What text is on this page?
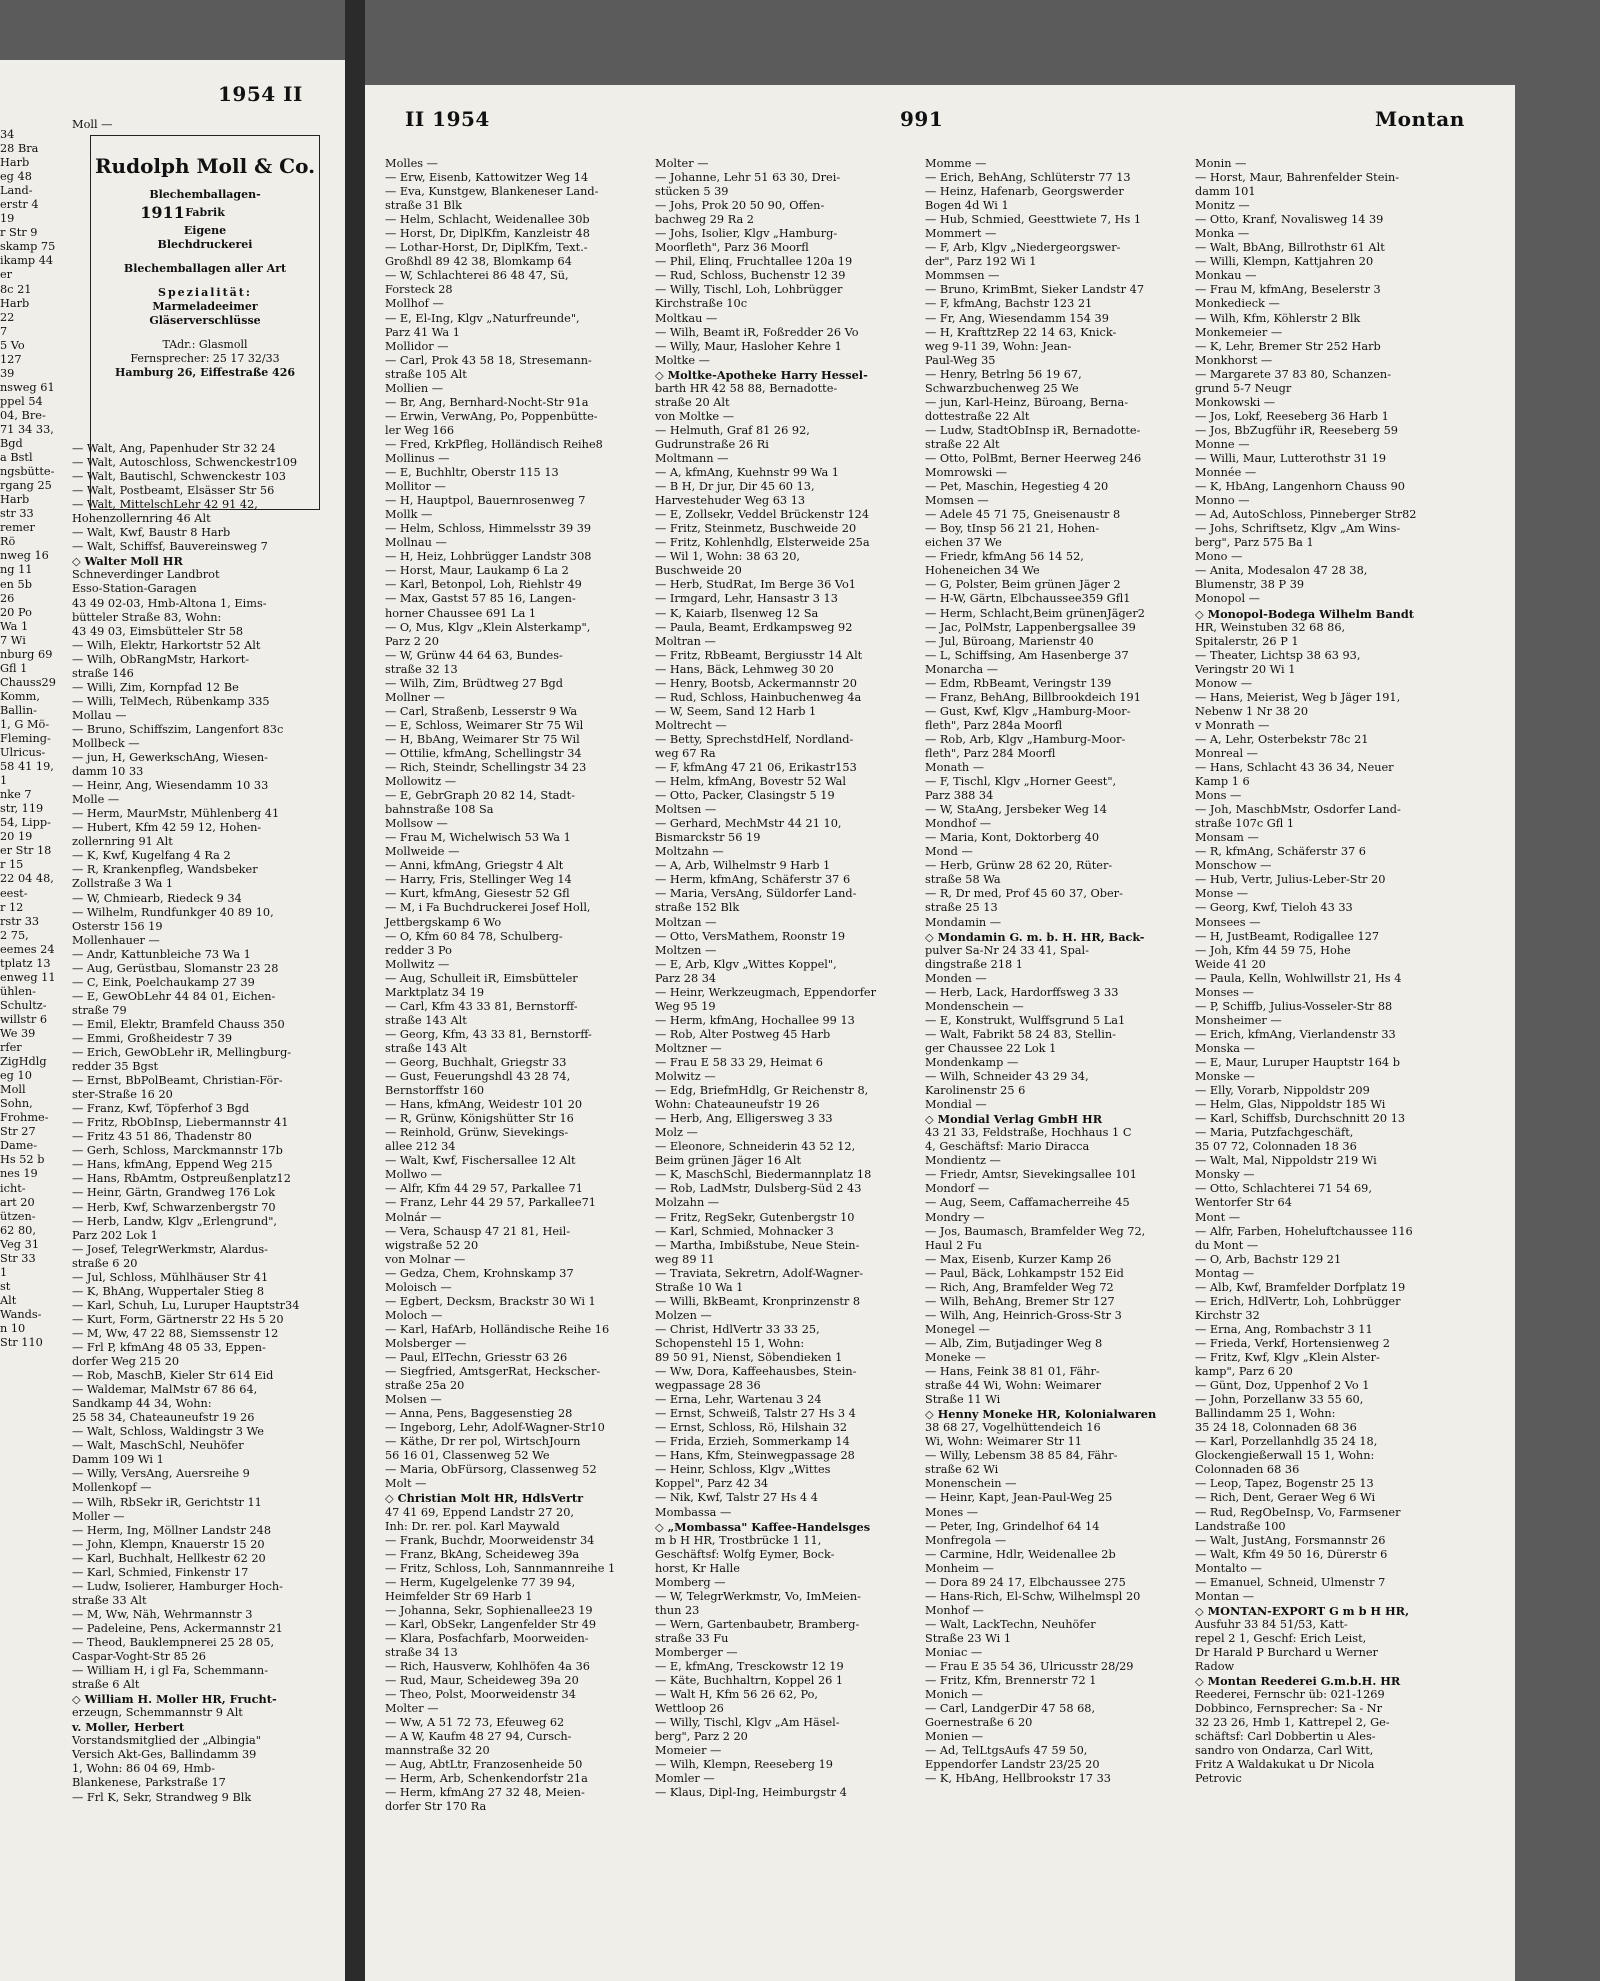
1954 II
34
28 Bra
Harb
eg 48
Land-
erstr 4
19
r Str 9
skamp 75
ikamp 44
er
8c 21
Harb
22
7
5 Vo
127
39
nsweg 61
ppel 54
04, Bre-
71 34 33,
Bgd
a Bstl
ngsbütte-
rgang 25
Harb
str 33
remer
Rö
nweg 16
ng 11
en 5b
26
20 Po
Wa 1
7 Wi
nburg 69
Gfl 1
Chauss29
Komm,
Ballin-
1, G Mö-
Fleming-
Ulricus-
58 41 19,
1
nke 7
str, 119
54, Lipp-
20 19
er Str 18
r 15
22 04 48,
eest-
r 12
rstr 33
2 75,
eemes 24
tplatz 13
enweg 11
ühlen-
Schultz-
willstr 6
We 39
rfer
ZigHdlg
eg 10
Moll
Sohn,
Frohme-
Str 27
Dame-
Hs 52 b
nes 19
icht-
art 20
ützen-
62 80,
Veg 31
Str 33
1
st
Alt
Wands-
n 10
Str 110
Moll —
Rudolph Moll & Co.
Blechemballagen-
1911 Fabrik
Eigene
Blechdruckerei
Blechemballagen aller Art
Spezialität:
Marmeladeeimer
Gläserverschlüsse
TAdr.: Glasmoll
Fernsprecher: 25 17 32/33
Hamburg 26, Eiffestraße 426
— Walt, Ang, Papenhuder Str 32 24
— Walt, Autoschloss, Schwenckestr109
— Walt, Bautischl, Schwenckestr 103
— Walt, Postbeamt, Elsässer Str 56
— Walt, MittelschLehr 42 91 42,
Hohenzollernring 46 Alt
— Walt, Kwf, Baustr 8 Harb
— Walt, Schiffsf, Bauvereinsweg 7
◇ Walter Moll HR
Schneverdinger Landbrot
Esso-Station-Garagen
43 49 02-03, Hmb-Altona 1, Eims-
bütteler Straße 83, Wohn:
43 49 03, Eimsbütteler Str 58
— Wilh, Elektr, Harkortstr 52 Alt
— Wilh, ObRangMstr, Harkort-
straße 146
— Willi, Zim, Kornpfad 12 Be
— Willi, TelMech, Rübenkamp 335
Mollau —
— Bruno, Schiffszim, Langenfort 83c
Mollbeck —
— jun, H, GewerkschAng, Wiesen-
damm 10 33
— Heinr, Ang, Wiesendamm 10 33
Molle —
— Herm, MaurMstr, Mühlenberg 41
— Hubert, Kfm 42 59 12, Hohen-
zollernring 91 Alt
— K, Kwf, Kugelfang 4 Ra 2
— R, Krankenpfleg, Wandsbeker
Zollstraße 3 Wa 1
— W, Chmiearb, Riedeck 9 34
— Wilhelm, Rundfunkger 40 89 10,
Osterstr 156 19
Mollenhauer —
— Andr, Kattunbleiche 73 Wa 1
— Aug, Gerüstbau, Slomanstr 23 28
— C, Eink, Poelchaukamp 27 39
— E, GewObLehr 44 84 01, Eichen-
straße 79
— Emil, Elektr, Bramfeld Chauss 350
— Emmi, Großheidestr 7 39
— Erich, GewObLehr iR, Mellingburg-
redder 35 Bgst
— Ernst, BbPolBeamt, Christian-För-
ster-Straße 16 20
— Franz, Kwf, Töpferhof 3 Bgd
— Fritz, RbObInsp, Liebermannstr 41
— Fritz 43 51 86, Thadenstr 80
— Gerh, Schloss, Marckmannstr 17b
— Hans, kfmAng, Eppend Weg 215
— Hans, RbAmtm, Ostpreußenplatz12
— Heinr, Gärtn, Grandweg 176 Lok
— Herb, Kwf, Schwarzenbergstr 70
— Herb, Landw, Klgv „Erlengrund",
Parz 202 Lok 1
— Josef, TelegrWerkmstr, Alardus-
straße 6 20
— Jul, Schloss, Mühlhäuser Str 41
— K, BhAng, Wuppertaler Stieg 8
— Karl, Schuh, Lu, Luruper Hauptstr34
— Kurt, Form, Gärtnerstr 22 Hs 5 20
— M, Ww, 47 22 88, Siemssenstr 12
— Frl P, kfmAng 48 05 33, Eppen-
dorfer Weg 215 20
— Rob, MaschB, Kieler Str 614 Eid
— Waldemar, MalMstr 67 86 64,
Sandkamp 44 34, Wohn:
25 58 34, Chateauneufstr 19 26
— Walt, Schloss, Waldingstr 3 We
— Walt, MaschSchl, Neuhöfer
Damm 109 Wi 1
— Willy, VersAng, Auersreihe 9
Mollenkopf —
— Wilh, RbSekr iR, Gerichtstr 11
Moller —
— Herm, Ing, Möllner Landstr 248
— John, Klempn, Knauerstr 15 20
— Karl, Buchhalt, Hellkestr 62 20
— Karl, Schmied, Finkenstr 17
— Ludw, Isolierer, Hamburger Hoch-
straße 33 Alt
— M, Ww, Näh, Wehrmannstr 3
— Padeleine, Pens, Ackermannstr 21
— Theod, Bauklempnerei 25 28 05,
Caspar-Voght-Str 85 26
— William H, i gl Fa, Schemmann-
straße 6 Alt
◇ William H. Moller HR, Frucht-
erzeugn, Schemmannstr 9 Alt
v. Moller, Herbert
Vorstandsmitglied der „Albingia"
Versich Akt-Ges, Ballindamm 39
1, Wohn: 86 04 69, Hmb-
Blankenese, Parkstraße 17
— Frl K, Sekr, Strandweg 9 Blk
II 1954	991	Montan
Molles —
— Erw, Eisenb, Kattowitzer Weg 14
— Eva, Kunstgew, Blankeneser Land-
straße 31 Blk
— Helm, Schlacht, Weidenallee 30b
— Horst, Dr, DiplKfm, Kanzleistr 48
— Lothar-Horst, Dr, DiplKfm, Text.-
Großhdl 89 42 38, Blomkamp 64
— W, Schlachterei 86 48 47, Sü,
Forsteck 28
Mollhof —
— E, El-Ing, Klgv „Naturfreunde",
Parz 41 Wa 1
Mollidor —
— Carl, Prok 43 58 18, Stresemann-
straße 105 Alt
Mollien —
— Br, Ang, Bernhard-Nocht-Str 91a
— Erwin, VerwAng, Po, Poppenbütte-
ler Weg 166
— Fred, KrkPfleg, Holländisch Reihe8
Mollinus —
— E, Buchhltr, Oberstr 115 13
Mollitor —
— H, Hauptpol, Bauernrosenweg 7
Mollk —
— Helm, Schloss, Himmelsstr 39 39
Mollnau —
— H, Heiz, Lohbrügger Landstr 308
— Horst, Maur, Laukamp 6 La 2
— Karl, Betonpol, Loh, Riehlstr 49
— Max, Gastst 57 85 16, Langen-
horner Chaussee 691 La 1
— O, Mus, Klgv „Klein Alsterkamp",
Parz 2 20
— W, Grünw 44 64 63, Bundes-
straße 32 13
— Wilh, Zim, Brüdtweg 27 Bgd
Mollner —
— Carl, Straßenb, Lesserstr 9 Wa
— E, Schloss, Weimarer Str 75 Wil
— H, BbAng, Weimarer Str 75 Wil
— Ottilie, kfmAng, Schellingstr 34
— Rich, Steindr, Schellingstr 34 23
Mollowitz —
— E, GebrGraph 20 82 14, Stadt-
bahnstraße 108 Sa
Mollsow —
— Frau M, Wichelwisch 53 Wa 1
Mollweide —
— Anni, kfmAng, Griegstr 4 Alt
— Harry, Fris, Stellinger Weg 14
— Kurt, kfmAng, Giesestr 52 Gfl
— M, i Fa Buchdruckerei Josef Holl,
Jettbergskamp 6 Wo
— O, Kfm 60 84 78, Schulberg-
redder 3 Po
Mollwitz —
— Aug, Schulleit iR, Eimsbütteler
Marktplatz 34 19
— Carl, Kfm 43 33 81, Bernstorff-
straße 143 Alt
— Georg, Kfm, 43 33 81, Bernstorff-
straße 143 Alt
— Georg, Buchhalt, Griegstr 33
— Gust, Feuerungshdl 43 28 74,
Bernstorffstr 160
— Hans, kfmAng, Weidestr 101 20
— R, Grünw, Königshütter Str 16
— Reinhold, Grünw, Sievekings-
allee 212 34
— Walt, Kwf, Fischersallee 12 Alt
Mollwo —
— Alfr, Kfm 44 29 57, Parkallee 71
— Franz, Lehr 44 29 57, Parkallee71
Molnár —
— Vera, Schausp 47 21 81, Heil-
wigstraße 52 20
von Molnar —
— Gedza, Chem, Krohnskamp 37
Moloisch —
— Egbert, Decksm, Brackstr 30 Wi 1
Moloch —
— Karl, HafArb, Holländische Reihe 16
Molsberger —
— Paul, ElTechn, Griesstr 63 26
— Siegfried, AmtsgerRat, Heckscher-
straße 25a 20
Molsen —
— Anna, Pens, Baggesenstieg 28
— Ingeborg, Lehr, Adolf-Wagner-Str10
— Käthe, Dr rer pol, WirtschJourn
56 16 01, Classenweg 52 We
— Maria, ObFürsorg, Classenweg 52
Molt —
◇ Christian Molt HR, HdlsVertr
47 41 69, Eppend Landstr 27 20,
Inh: Dr. rer. pol. Karl Maywald
— Frank, Buchdr, Moorweidenstr 34
— Franz, BkAng, Scheideweg 39a
— Fritz, Schloss, Loh, Sannmannreihe 1
— Herm, Kugelgelenke 77 39 94,
Heimfelder Str 69 Harb 1
— Johanna, Sekr, Sophienallee23 19
— Karl, ObSekr, Langenfelder Str 49
— Klara, Posfachfarb, Moorweiden-
straße 34 13
— Rich, Hausverw, Kohlhöfen 4a 36
— Rud, Maur, Scheideweg 39a 20
— Theo, Polst, Moorweidenstr 34
Molter —
— Ww, A 51 72 73, Efeuweg 62
— A W, Kaufm 48 27 94, Cursch-
mannstraße 32 20
— Aug, AbtLtr, Franzosenheide 50
— Herm, Arb, Schenkendorfstr 21a
— Herm, kfmAng 27 32 48, Meien-
dorfer Str 170 Ra
Molter —
— Johanne, Lehr 51 63 30, Drei-
stücken 5 39
— Johs, Prok 20 50 90, Offen-
bachweg 29 Ra 2
— Johs, Isolier, Klgv „Hamburg-
Moorfleth", Parz 36 Moorfl
— Phil, Elinq, Fruchtallee 120a 19
— Rud, Schloss, Buchenstr 12 39
— Willy, Tischl, Loh, Lohbrügger
Kirchstraße 10c
Moltkau —
— Wilh, Beamt iR, Foßredder 26 Vo
— Willy, Maur, Hasloher Kehre 1
Moltke —
◇ Moltke-Apotheke Harry Hessel-
barth HR 42 58 88, Bernadotte-
straße 20 Alt
von Moltke —
— Helmuth, Graf 81 26 92,
Gudrunstraße 26 Ri
Moltmann —
— A, kfmAng, Kuehnstr 99 Wa 1
— B H, Dr jur, Dir 45 60 13,
Harvestehuder Weg 63 13
— E, Zollsekr, Veddel Brückenstr 124
— Fritz, Steinmetz, Buschweide 20
— Fritz, Kohlenhdlg, Elsterweide 25a
— Wil 1, Wohn: 38 63 20,
Buschweide 20
— Herb, StudRat, Im Berge 36 Vo1
— Irmgard, Lehr, Hansastr 3 13
— K, Kaiarb, Ilsenweg 12 Sa
— Paula, Beamt, Erdkampsweg 92
Moltran —
— Fritz, RbBeamt, Bergiusstr 14 Alt
— Hans, Bäck, Lehmweg 30 20
— Henry, Bootsb, Ackermannstr 20
— Rud, Schloss, Hainbuchenweg 4a
— W, Seem, Sand 12 Harb 1
Moltrecht —
— Betty, SprechstdHelf, Nordland-
weg 67 Ra
— F, kfmAng 47 21 06, Erikastr153
— Helm, kfmAng, Bovestr 52 Wal
— Otto, Packer, Clasingstr 5 19
Moltsen —
— Gerhard, MechMstr 44 21 10,
Bismarckstr 56 19
Moltzahn —
— A, Arb, Wilhelmstr 9 Harb 1
— Herm, kfmAng, Schäferstr 37 6
— Maria, VersAng, Süldorfer Land-
straße 152 Blk
Moltzan —
— Otto, VersMathem, Roonstr 19
Moltzen —
— E, Arb, Klgv „Wittes Koppel",
Parz 28 34
— Heinr, Werkzeugmach, Eppendorfer
Weg 95 19
— Herm, kfmAng, Hochallee 99 13
— Rob, Alter Postweg 45 Harb
Moltzner —
— Frau E 58 33 29, Heimat 6
Molwitz —
— Edg, BriefmHdlg, Gr Reichenstr 8,
Wohn: Chateauneufstr 19 26
— Herb, Ang, Elligersweg 3 33
Molz —
— Eleonore, Schneiderin 43 52 12,
Beim grünen Jäger 16 Alt
— K, MaschSchl, Biedermannplatz 18
— Rob, LadMstr, Dulsberg-Süd 2 43
Molzahn —
— Fritz, RegSekr, Gutenbergstr 10
— Karl, Schmied, Mohnacker 3
— Martha, Imbißstube, Neue Stein-
weg 89 11
— Traviata, Sekretrn, Adolf-Wagner-
Straße 10 Wa 1
— Willi, BkBeamt, Kronprinzenstr 8
Molzen —
— Christ, HdlVertr 33 33 25,
Schopenstehl 15 1, Wohn:
89 50 91, Nienst, Söbendieken 1
— Ww, Dora, Kaffeehausbes, Stein-
wegpassage 28 36
— Erna, Lehr, Wartenau 3 24
— Ernst, Schweiß, Talstr 27 Hs 3 4
— Ernst, Schloss, Rö, Hilshain 32
— Frida, Erzieh, Sommerkamp 14
— Hans, Kfm, Steinwegpassage 28
— Heinr, Schloss, Klgv „Wittes
Koppel", Parz 42 34
— Nik, Kwf, Talstr 27 Hs 4 4
Mombassa —
◇ „Mombassa" Kaffee-Handelsges
m b H HR, Trostbrücke 1 11,
Geschäftsf: Wolfg Eymer, Bock-
horst, Kr Halle
Momberg —
— W, TelegrWerkmstr, Vo, ImMeien-
thun 23
— Wern, Gartenbaubetr, Bramberg-
straße 33 Fu
Momberger —
— E, kfmAng, Tresckowstr 12 19
— Käte, Buchhaltrn, Koppel 26 1
— Walt H, Kfm 56 26 62, Po,
Wettloop 26
— Willy, Tischl, Klgv „Am Häsel-
berg", Parz 2 20
Momeier —
— Wilh, Klempn, Reeseberg 19
Momler —
— Klaus, Dipl-Ing, Heimburgstr 4
Momme —
— Erich, BehAng, Schlüterstr 77 13
— Heinz, Hafenarb, Georgswerder
Bogen 4d Wi 1
— Hub, Schmied, Geesttwiete 7, Hs 1
Mommert —
— F, Arb, Klgv „Niedergeorgswer-
der", Parz 192 Wi 1
Mommsen —
— Bruno, KrimBmt, Sieker Landstr 47
— F, kfmAng, Bachstr 123 21
— Fr, Ang, Wiesendamm 154 39
— H, KrafttzRep 22 14 63, Knick-
weg 9-11 39, Wohn: Jean-
Paul-Weg 35
— Henry, Betrlng 56 19 67,
Schwarzbuchenweg 25 We
— jun, Karl-Heinz, Büroang, Berna-
dottestraße 22 Alt
— Ludw, StadtObInsp iR, Bernadotte-
straße 22 Alt
— Otto, PolBmt, Berner Heerweg 246
Momrowski —
— Pet, Maschin, Hegestieg 4 20
Momsen —
— Adele 45 71 75, Gneisenaustr 8
— Boy, tInsp 56 21 21, Hohen-
eichen 37 We
— Friedr, kfmAng 56 14 52,
Hoheneichen 34 We
— G, Polster, Beim grünen Jäger 2
— H-W, Gärtn, Elbchaussee359 Gfl1
— Herm, Schlacht,Beim grünenJäger2
— Jac, PolMstr, Lappenbergsallee 39
— Jul, Büroang, Marienstr 40
— L, Schiffsing, Am Hasenberge 37
Monarcha —
— Edm, RbBeamt, Veringstr 139
— Franz, BehAng, Billbrookdeich 191
— Gust, Kwf, Klgv „Hamburg-Moor-
fleth", Parz 284a Moorfl
— Rob, Arb, Klgv „Hamburg-Moor-
fleth", Parz 284 Moorfl
Monath —
— F, Tischl, Klgv „Horner Geest",
Parz 388 34
— W, StaAng, Jersbeker Weg 14
Mondhof —
— Maria, Kont, Doktorberg 40
Mond —
— Herb, Grünw 28 62 20, Rüter-
straße 58 Wa
— R, Dr med, Prof 45 60 37, Ober-
straße 25 13
Mondamin —
◇ Mondamin G. m. b. H. HR, Back-
pulver Sa-Nr 24 33 41, Spal-
dingstraße 218 1
Monden —
— Herb, Lack, Hardorffsweg 3 33
Mondenschein —
— E, Konstrukt, Wulffsgrund 5 La1
— Walt, Fabrikt 58 24 83, Stellin-
ger Chaussee 22 Lok 1
Mondenkamp —
— Wilh, Schneider 43 29 34,
Karolinenstr 25 6
Mondial —
◇ Mondial Verlag GmbH HR
43 21 33, Feldstraße, Hochhaus 1 C
4, Geschäftsf: Mario Diracca
Mondientz —
— Friedr, Amtsr, Sievekingsallee 101
Mondorf —
— Aug, Seem, Caffamacherreihe 45
Mondry —
— Jos, Baumasch, Bramfelder Weg 72,
Haul 2 Fu
— Max, Eisenb, Kurzer Kamp 26
— Paul, Bäck, Lohkampstr 152 Eid
— Rich, Ang, Bramfelder Weg 72
— Wilh, BehAng, Bremer Str 127
— Wilh, Ang, Heinrich-Gross-Str 3
Monegel —
— Alb, Zim, Butjadinger Weg 8
Moneke —
— Hans, Feink 38 81 01, Fähr-
straße 44 Wi, Wohn: Weimarer
Straße 11 Wi
◇ Henny Moneke HR, Kolonialwaren
38 68 27, Vogelhüttendeich 16
Wi, Wohn: Weimarer Str 11
— Willy, Lebensm 38 85 84, Fähr-
straße 62 Wi
Monenschein —
— Heinr, Kapt, Jean-Paul-Weg 25
Mones —
— Peter, Ing, Grindelhof 64 14
Monfregola —
— Carmine, Hdlr, Weidenallee 2b
Monheim —
— Dora 89 24 17, Elbchaussee 275
— Hans-Rich, El-Schw, Wilhelmspl 20
Monhof —
— Walt, LackTechn, Neuhöfer
Straße 23 Wi 1
Moniac —
— Frau E 35 54 36, Ulricusstr 28/29
— Fritz, Kfm, Brennerstr 72 1
Monich —
— Carl, LandgerDir 47 58 68,
Goernestraße 6 20
Monien —
— Ad, TelLtgsAufs 47 59 50,
Eppendorfer Landstr 23/25 20
— K, HbAng, Hellbrookstr 17 33
Monin —
— Horst, Maur, Bahrenfelder Stein-
damm 101
Monitz —
— Otto, Kranf, Novalisweg 14 39
Monka —
— Walt, BbAng, Billrothstr 61 Alt
— Willi, Klempn, Kattjahren 20
Monkau —
— Frau M, kfmAng, Beselerstr 3
Monkedieck —
— Wilh, Kfm, Köhlerstr 2 Blk
Monkemeier —
— K, Lehr, Bremer Str 252 Harb
Monkhorst —
— Margarete 37 83 80, Schanzen-
grund 5-7 Neugr
Monkowski —
— Jos, Lokf, Reeseberg 36 Harb 1
— Jos, BbZugführ iR, Reeseberg 59
Monne —
— Willi, Maur, Lutterothstr 31 19
Monnée —
— K, HbAng, Langenhorn Chauss 90
Monno —
— Ad, AutoSchloss, Pinneberger Str82
— Johs, Schriftsetz, Klgv „Am Wins-
berg", Parz 575 Ba 1
Mono —
— Anita, Modesalon 47 28 38,
Blumenstr, 38 P 39
Monopol —
◇ Monopol-Bodega Wilhelm Bandt
HR, Weinstuben 32 68 86,
Spitalerstr, 26 P 1
— Theater, Lichtsp 38 63 93,
Veringstr 20 Wi 1
Monow —
— Hans, Meierist, Weg b Jäger 191,
Nebenw 1 Nr 38 20
v Monrath —
— A, Lehr, Osterbekstr 78c 21
Monreal —
— Hans, Schlacht 43 36 34, Neuer
Kamp 1 6
Mons —
— Joh, MaschbMstr, Osdorfer Land-
straße 107c Gfl 1
Monsam —
— R, kfmAng, Schäferstr 37 6
Monschow —
— Hub, Vertr, Julius-Leber-Str 20
Monse —
— Georg, Kwf, Tieloh 43 33
Monsees —
— H, JustBeamt, Rodigallee 127
— Joh, Kfm 44 59 75, Hohe
Weide 41 20
— Paula, Kelln, Wohlwillstr 21, Hs 4
Monses —
— P, Schiffb, Julius-Vosseler-Str 88
Monsheimer —
— Erich, kfmAng, Vierlandenstr 33
Monska —
— E, Maur, Luruper Hauptstr 164 b
Monske —
— Elly, Vorarb, Nippoldstr 209
— Helm, Glas, Nippoldstr 185 Wi
— Karl, Schiffsb, Durchschnitt 20 13
— Maria, Putzfachgeschäft,
35 07 72, Colonnaden 18 36
— Walt, Mal, Nippoldstr 219 Wi
Monsky —
— Otto, Schlachterei 71 54 69,
Wentorfer Str 64
Mont —
— Alfr, Farben, Hoheluftchaussee 116
du Mont —
— O, Arb, Bachstr 129 21
Montag —
— Alb, Kwf, Bramfelder Dorfplatz 19
— Erich, HdlVertr, Loh, Lohbrügger
Kirchstr 32
— Erna, Ang, Rombachstr 3 11
— Frieda, Verkf, Hortensienweg 2
— Fritz, Kwf, Klgv „Klein Alster-
kamp", Parz 6 20
— Günt, Doz, Uppenhof 2 Vo 1
— John, Porzellanw 33 55 60,
Ballindamm 25 1, Wohn:
35 24 18, Colonnaden 68 36
— Karl, Porzellanhdlg 35 24 18,
Glockengießerwall 15 1, Wohn:
Colonnaden 68 36
— Leop, Tapez, Bogenstr 25 13
— Rich, Dent, Geraer Weg 6 Wi
— Rud, RegObeInsp, Vo, Farmsener
Landstraße 100
— Walt, JustAng, Forsmannstr 26
— Walt, Kfm 49 50 16, Dürerstr 6
Montalto —
— Emanuel, Schneid, Ulmenstr 7
Montan —
◇ MONTAN-EXPORT G m b H HR,
Ausfuhr 33 84 51/53, Katt-
repel 2 1, Geschf: Erich Leist,
Dr Harald P Burchard u Werner
Radow
◇ Montan Reederei G.m.b.H. HR
Reederei, Fernschr üb: 021-1269
Dobbinco, Fernsprecher: Sa - Nr
32 23 26, Hmb 1, Kattrepel 2, Ge-
schäftsf: Carl Dobbertin u Ales-
sandro von Ondarza, Carl Witt,
Fritz A Waldakukat u Dr Nicola
Petrovic
